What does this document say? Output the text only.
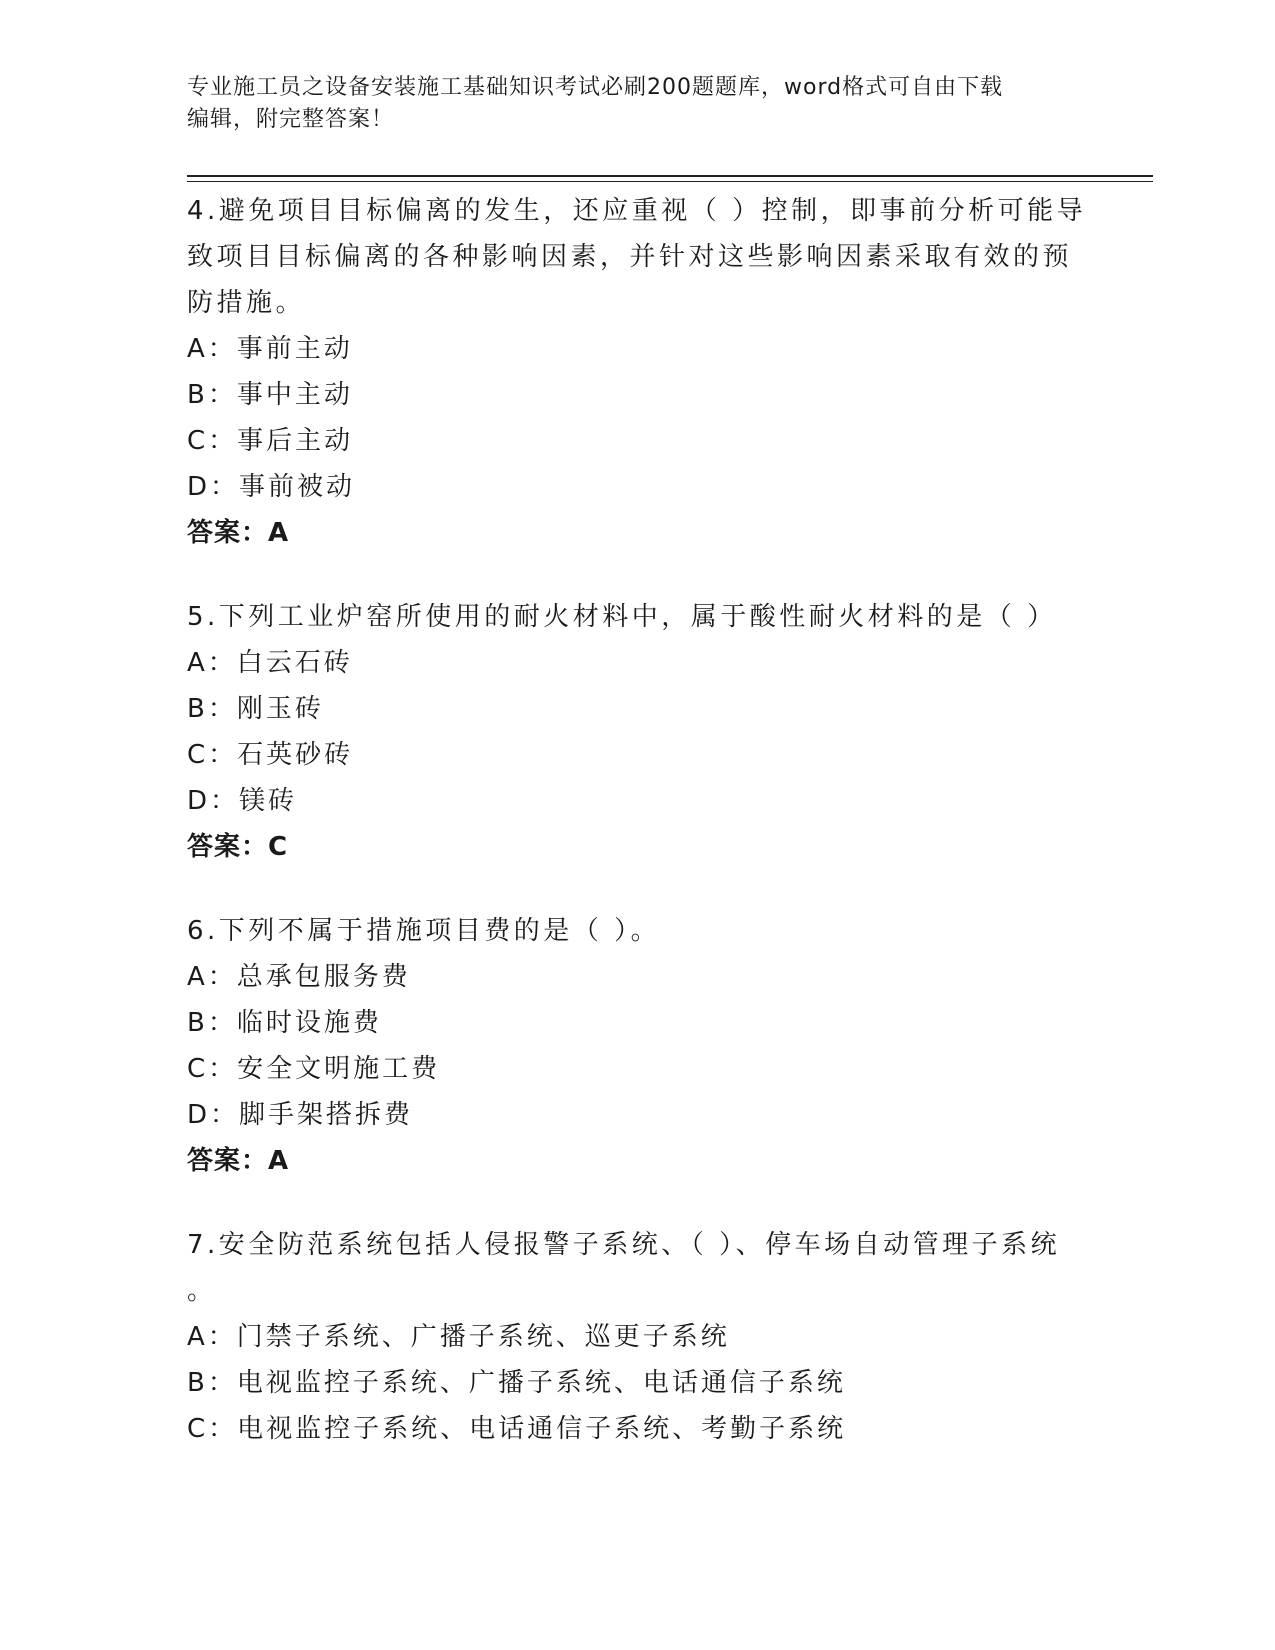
专业施工员之设备安装施工基础知识考试必刷200题题库，word格式可自由下载
编辑，附完整答案！
4.避免项目目标偏离的发生，还应重视（ ）控制，即事前分析可能导
致项目目标偏离的各种影响因素，并针对这些影响因素采取有效的预
防措施。
A：事前主动
B：事中主动
C：事后主动
D：事前被动
答案：A
5.下列工业炉窑所使用的耐火材料中，属于酸性耐火材料的是（ ）
A：白云石砖
B：刚玉砖
C：石英砂砖
D：镁砖
答案：C
6.下列不属于措施项目费的是（ ）。
A：总承包服务费
B：临时设施费
C：安全文明施工费
D：脚手架搭拆费
答案：A
7.安全防范系统包括人侵报警子系统、（ ）、停车场自动管理子系统
。
A：门禁子系统、广播子系统、巡更子系统
B：电视监控子系统、广播子系统、电话通信子系统
C：电视监控子系统、电话通信子系统、考勤子系统
